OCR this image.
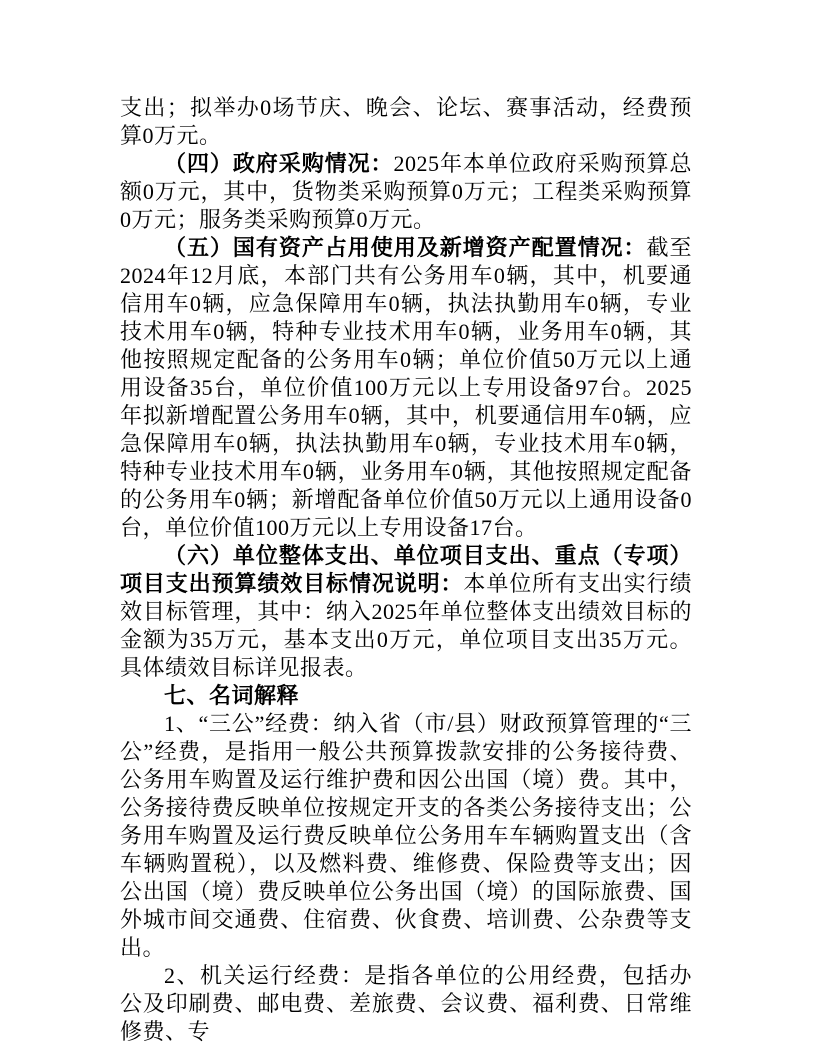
支出；拟举办0场节庆、晚会、论坛、赛事活动，经费预算0万元。

（四）政府采购情况：2025年本单位政府采购预算总额0万元，其中，货物类采购预算0万元；工程类采购预算0万元；服务类采购预算0万元。

（五）国有资产占用使用及新增资产配置情况：截至2024年12月底，本部门共有公务用车0辆，其中，机要通信用车0辆，应急保障用车0辆，执法执勤用车0辆，专业技术用车0辆，特种专业技术用车0辆，业务用车0辆，其他按照规定配备的公务用车0辆；单位价值50万元以上通用设备35台，单位价值100万元以上专用设备97台。2025年拟新增配置公务用车0辆，其中，机要通信用车0辆，应急保障用车0辆，执法执勤用车0辆，专业技术用车0辆，特种专业技术用车0辆，业务用车0辆，其他按照规定配备的公务用车0辆；新增配备单位价值50万元以上通用设备0台，单位价值100万元以上专用设备17台。

（六）单位整体支出、单位项目支出、重点（专项）项目支出预算绩效目标情况说明：本单位所有支出实行绩效目标管理，其中：纳入2025年单位整体支出绩效目标的金额为35万元，基本支出0万元，单位项目支出35万元。具体绩效目标详见报表。

七、名词解释

1、“三公”经费：纳入省（市/县）财政预算管理的“三公”经费，是指用一般公共预算拨款安排的公务接待费、公务用车购置及运行维护费和因公出国（境）费。其中，公务接待费反映单位按规定开支的各类公务接待支出；公务用车购置及运行费反映单位公务用车车辆购置支出（含车辆购置税），以及燃料费、维修费、保险费等支出；因公出国（境）费反映单位公务出国（境）的国际旅费、国外城市间交通费、住宿费、伙食费、培训费、公杂费等支出。

2、机关运行经费：是指各单位的公用经费，包括办公及印刷费、邮电费、差旅费、会议费、福利费、日常维修费、专
